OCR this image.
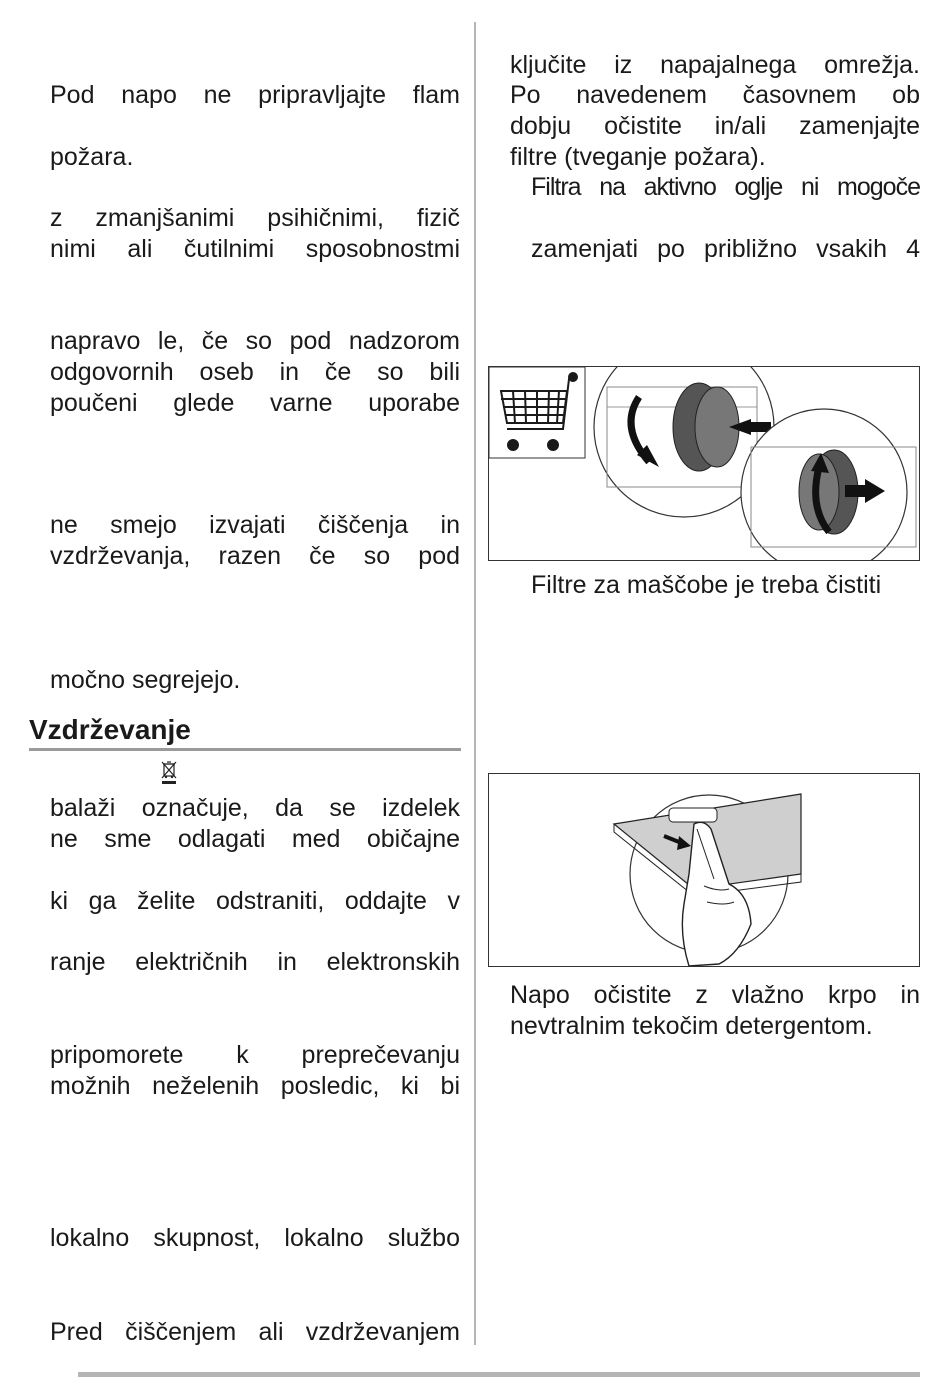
Pod napo ne pripravljajte flam
požara.
z zmanjšanimi psihičnimi, fizič
nimi ali čutilnimi sposobnostmi
napravo le, če so pod nadzorom
odgovornih oseb in če so bili
poučeni glede varne uporabe
ne smejo izvajati čiščenja in
vzdrževanja, razen če so pod
močno segrejejo.
Vzdrževanje
balaži označuje, da se izdelek
ne sme odlagati med običajne
ki ga želite odstraniti, oddajte v
ranje električnih in elektronskih
pripomorete k preprečevanju
možnih neželenih posledic, ki bi
lokalno skupnost, lokalno službo
Pred čiščenjem ali vzdrževanjem
ključite iz napajalnega omrežja.
Po navedenem časovnem ob
dobju očistite in/ali zamenjajte
filtre (tveganje požara).
Filtra na aktivno oglje ni mogoče
zamenjati po približno vsakih 4
Filtre za maščobe je treba čistiti
Napo očistite z vlažno krpo in
nevtralnim tekočim detergentom.
